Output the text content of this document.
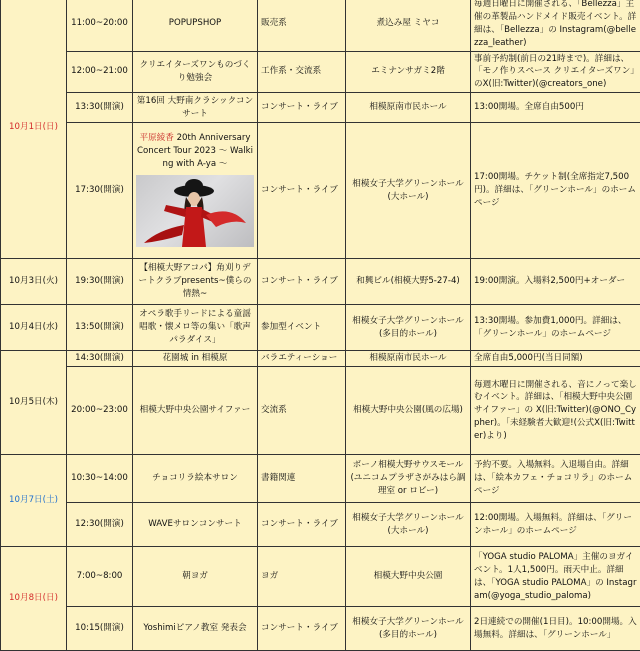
10月1日(日)	11:00~20:00	POPUPSHOP	販売系	煮込み屋 ミヤコ	毎週日曜日に開催される、「Bellezza」主催の革製品ハンドメイド販売イベント。詳細は、「Bellezza」の Instagram(@bellezza_leather)
	12:00~21:00	クリエイターズワンものづくり勉強会	工作系・交流系	エミナンサガミ2階	事前予約制(前日の21時まで)。詳細は、「モノ作りスペース クリエイターズワン」のX(旧:Twitter)(@creators_one)
	13:30(開演)	第16回 大野南クラシックコンサート	コンサート・ライブ	相模原南市民ホール	13:00開場。全席自由500円
	17:30(開演)	平原綾香 20th Anniversary Concert Tour 2023 〜 Walking with A-ya 〜	コンサート・ライブ	相模女子大学グリーンホール(大ホール)	17:00開場。チケット制(全席指定7,500円)。詳細は、「グリーンホール」のホームページ
10月3日(火)	19:30(開演)	【相模大野アコパ】角刈りデートクラブpresents~僕らの情熱~	コンサート・ライブ	和興ビル(相模大野5-27-4)	19:00開演。入場料2,500円+オーダー
10月4日(水)	13:50(開演)	オペラ歌手リードによる童謡唱歌・懐メロ等の集い「歌声パラダイス」	参加型イベント	相模女子大学グリーンホール(多目的ホール)	13:30開場。参加費1,000円。詳細は、「グリーンホール」のホームページ
10月5日(木)	14:30(開演)	花園城 in 相模原	バラエティーショー	相模原南市民ホール	全席自由5,000円(当日同額)
	20:00~23:00	相模大野中央公園サイファー	交流系	相模大野中央公園(風の広場)	毎週木曜日に開催される、音にノって楽しむイベント。詳細は、「相模大野中央公園サイファー」の X(旧:Twitter)(@ONO_Cypher)。「未経験者大歓迎!(公式X(旧:Twitter)より)
10月7日(土)	10:30~14:00	チョコリラ絵本サロン	書籍関連	ボーノ相模大野サウスモール(ユニコムプラザさがみはら調理室 or ロビー)	予約不要。入場無料。入退場自由。詳細は、「絵本カフェ・チョコリラ」のホームページ
	12:30(開演)	WAVEサロンコンサート	コンサート・ライブ	相模女子大学グリーンホール(大ホール)	12:00開場。入場無料。詳細は、「グリーンホール」のホームページ
10月8日(日)	7:00~8:00	朝ヨガ	ヨガ	相模大野中央公園	「YOGA studio PALOMA」主催のヨガイベント。1人1,500円。雨天中止。詳細は、「YOGA studio PALOMA」の Instagram(@yoga_studio_paloma)
	10:15(開演)	Yoshimiピアノ教室 発表会	コンサート・ライブ	相模女子大学グリーンホール(多目的ホール)	2日連続での開催(1日目)。10:00開場。入場無料。詳細は、「グリーンホール」
